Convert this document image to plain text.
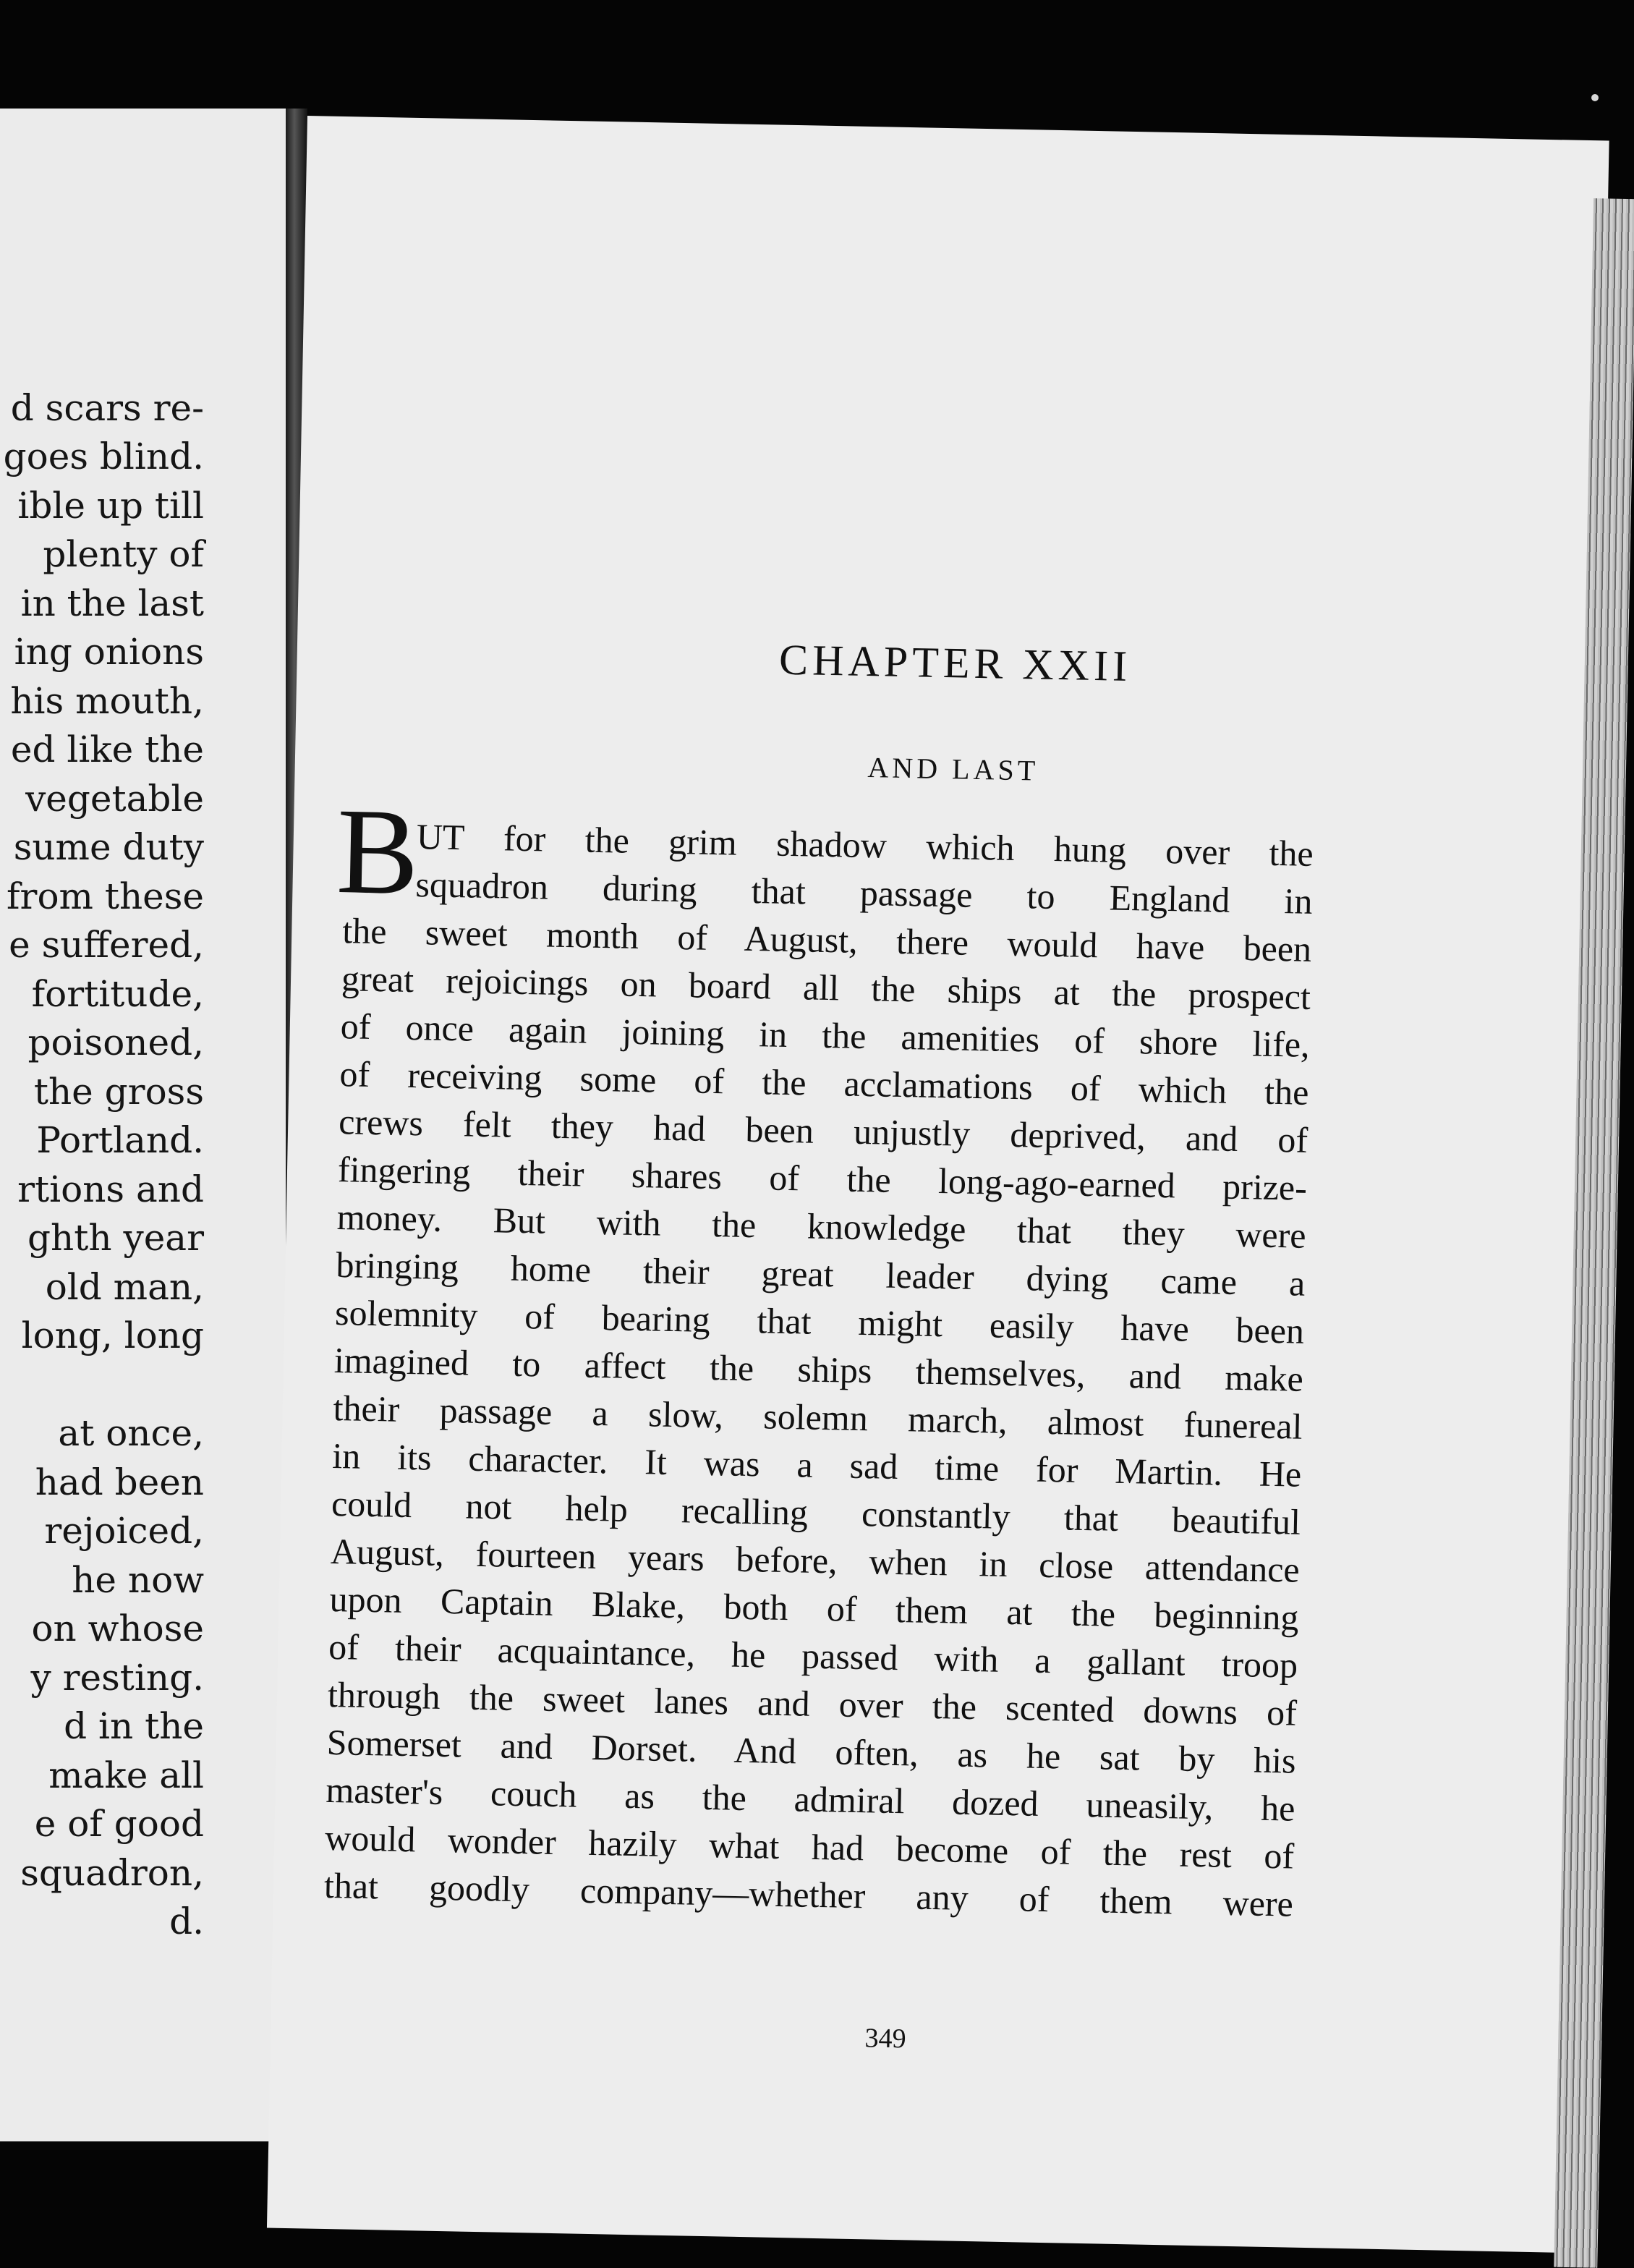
d scars re-
goes blind.
ible up till
plenty of
in the last
ing onions
his mouth,
ed like the
vegetable
sume duty
from these
e suffered,
fortitude,
poisoned,
the gross
Portland.
rtions and
ghth year
old man,
long, long
at once,
had been
rejoiced,
he now
on whose
y resting.
d in the
make all
e of good
squadron,
d.
CHAPTER XXII
AND LAST
B
UT for the grim shadow which hung over the
squadron during that passage to England in
the sweet month of August, there would have been
great rejoicings on board all the ships at the prospect
of once again joining in the amenities of shore life,
of receiving some of the acclamations of which the
crews felt they had been unjustly deprived, and of
fingering their shares of the long-ago-earned prize-
money. But with the knowledge that they were
bringing home their great leader dying came a
solemnity of bearing that might easily have been
imagined to affect the ships themselves, and make
their passage a slow, solemn march, almost funereal
in its character. It was a sad time for Martin. He
could not help recalling constantly that beautiful
August, fourteen years before, when in close attendance
upon Captain Blake, both of them at the beginning
of their acquaintance, he passed with a gallant troop
through the sweet lanes and over the scented downs of
Somerset and Dorset. And often, as he sat by his
master's couch as the admiral dozed uneasily, he
would wonder hazily what had become of the rest of
that goodly company—whether any of them were
349
